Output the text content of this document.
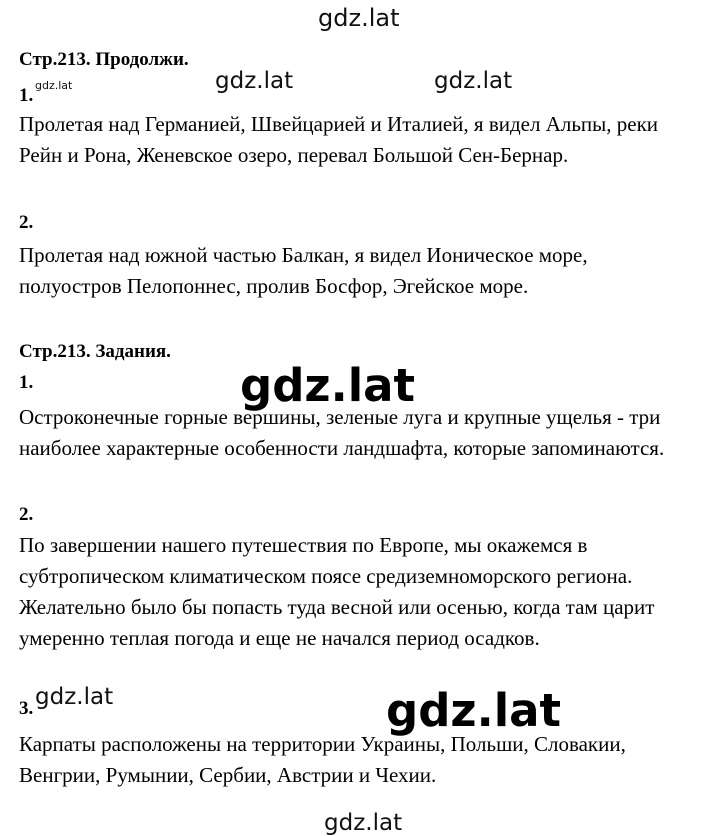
gdz.lat
gdz.lat	gdz.lat	gdz.lat
gdz.lat
gdz.lat	gdz.lat
gdz.lat
Стр.213. Продолжи.
1.
Пролетая над Германией, Швейцарией и Италией, я видел Альпы, реки
Рейн и Рона, Женевское озеро, перевал Большой Сен-Бернар.
2.
Пролетая над южной частью Балкан, я видел Ионическое море,
полуостров Пелопоннес, пролив Босфор, Эгейское море.
Стр.213. Задания.
1.
Остроконечные горные вершины, зеленые луга и крупные ущелья - три
наиболее характерные особенности ландшафта, которые запоминаются.
2.
По завершении нашего путешествия по Европе, мы окажемся в
субтропическом климатическом поясе средиземноморского региона.
Желательно было бы попасть туда весной или осенью, когда там царит
умеренно теплая погода и еще не начался период осадков.
3.
Карпаты расположены на территории Украины, Польши, Словакии,
Венгрии, Румынии, Сербии, Австрии и Чехии.
